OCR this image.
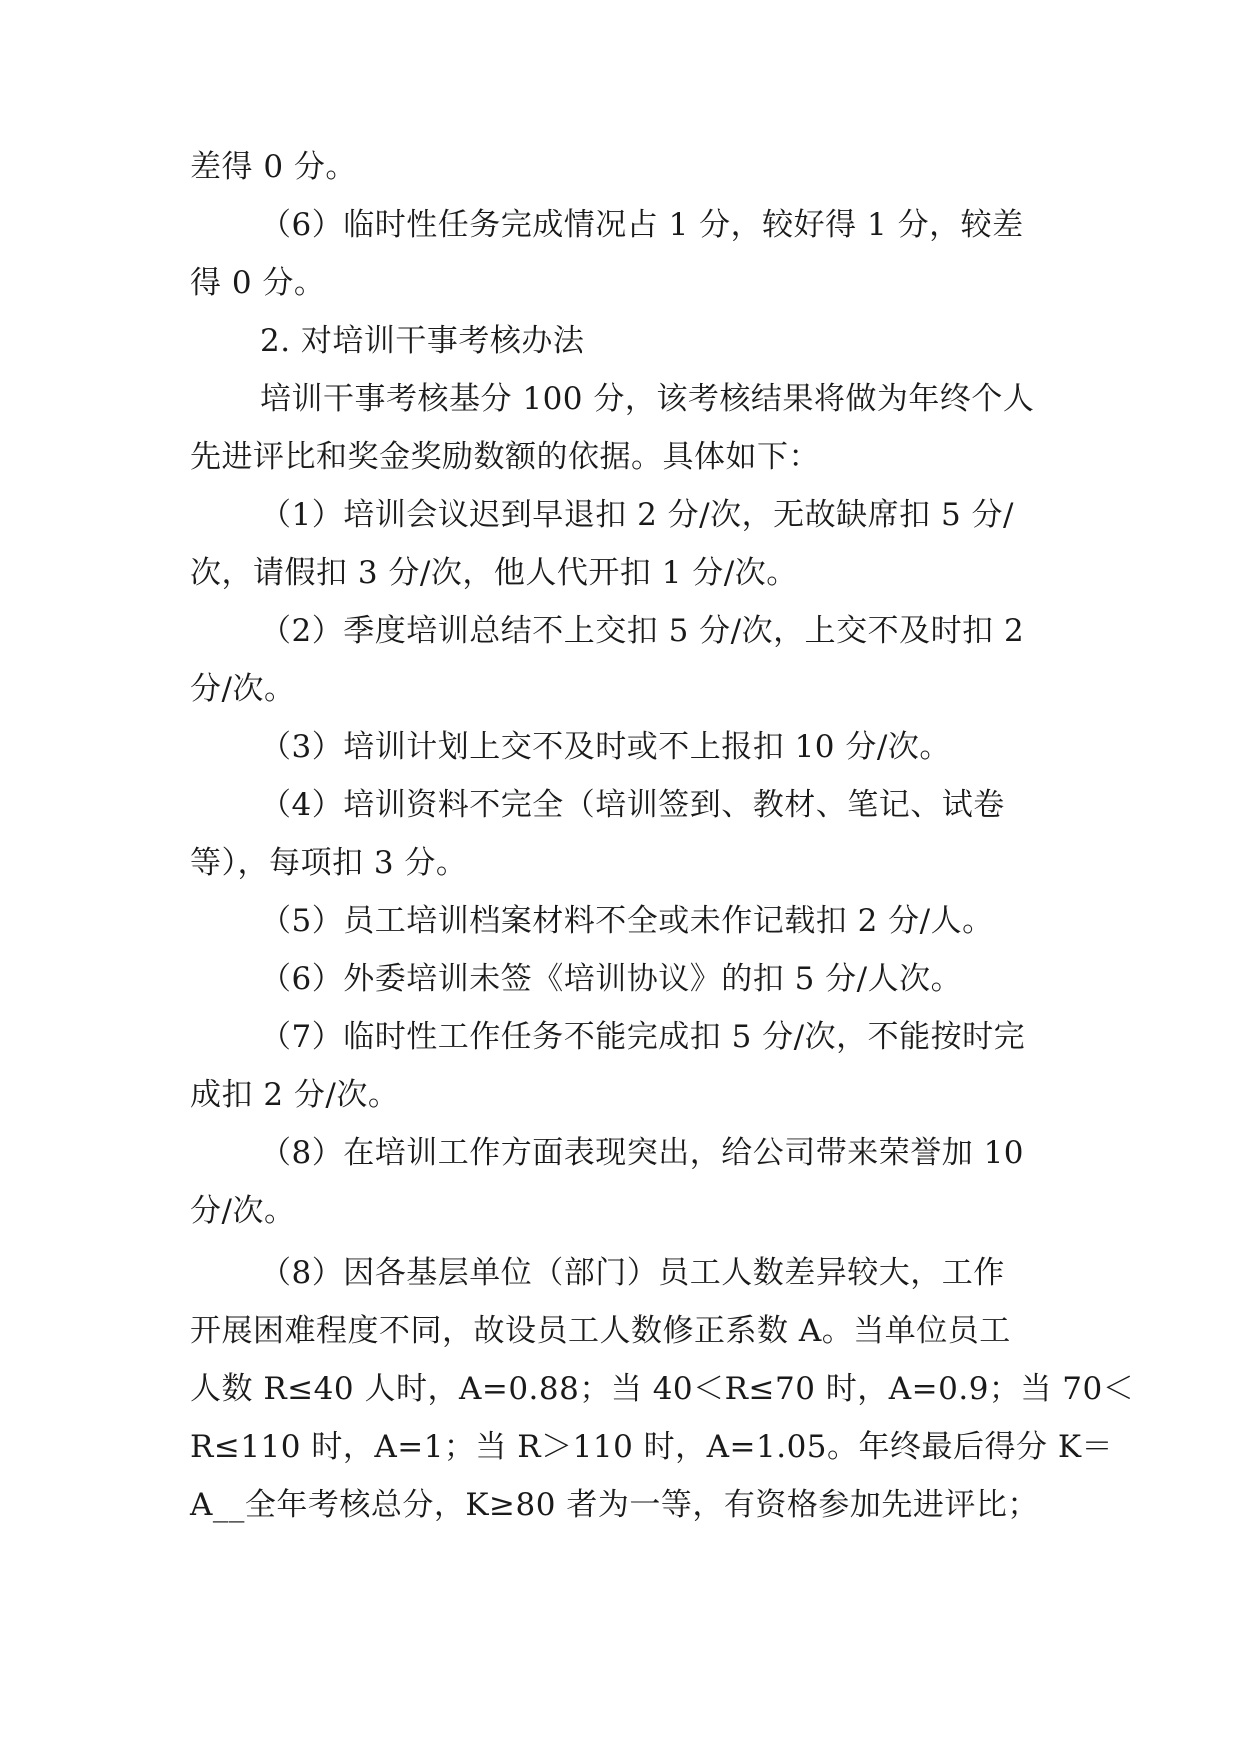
差得 0 分。
（6）临时性任务完成情况占 1 分，较好得 1 分，较差
得 0 分。
2. 对培训干事考核办法
培训干事考核基分 100 分，该考核结果将做为年终个人
先进评比和奖金奖励数额的依据。具体如下：
（1）培训会议迟到早退扣 2 分/次，无故缺席扣 5 分/
次，请假扣 3 分/次，他人代开扣 1 分/次。
（2）季度培训总结不上交扣 5 分/次，上交不及时扣 2
分/次。
（3）培训计划上交不及时或不上报扣 10 分/次。
（4）培训资料不完全（培训签到、教材、笔记、试卷
等），每项扣 3 分。
（5）员工培训档案材料不全或未作记载扣 2 分/人。
（6）外委培训未签《培训协议》的扣 5 分/人次。
（7）临时性工作任务不能完成扣 5 分/次，不能按时完
成扣 2 分/次。
（8）在培训工作方面表现突出，给公司带来荣誉加 10
分/次。
（8）因各基层单位（部门）员工人数差异较大，工作
开展困难程度不同，故设员工人数修正系数 A。当单位员工
人数 R≤40 人时，A=0.88；当 40＜R≤70 时，A=0.9；当 70＜
R≤110 时，A=1；当 R＞110 时，A=1.05。年终最后得分 K＝
A__全年考核总分，K≥80 者为一等，有资格参加先进评比；
